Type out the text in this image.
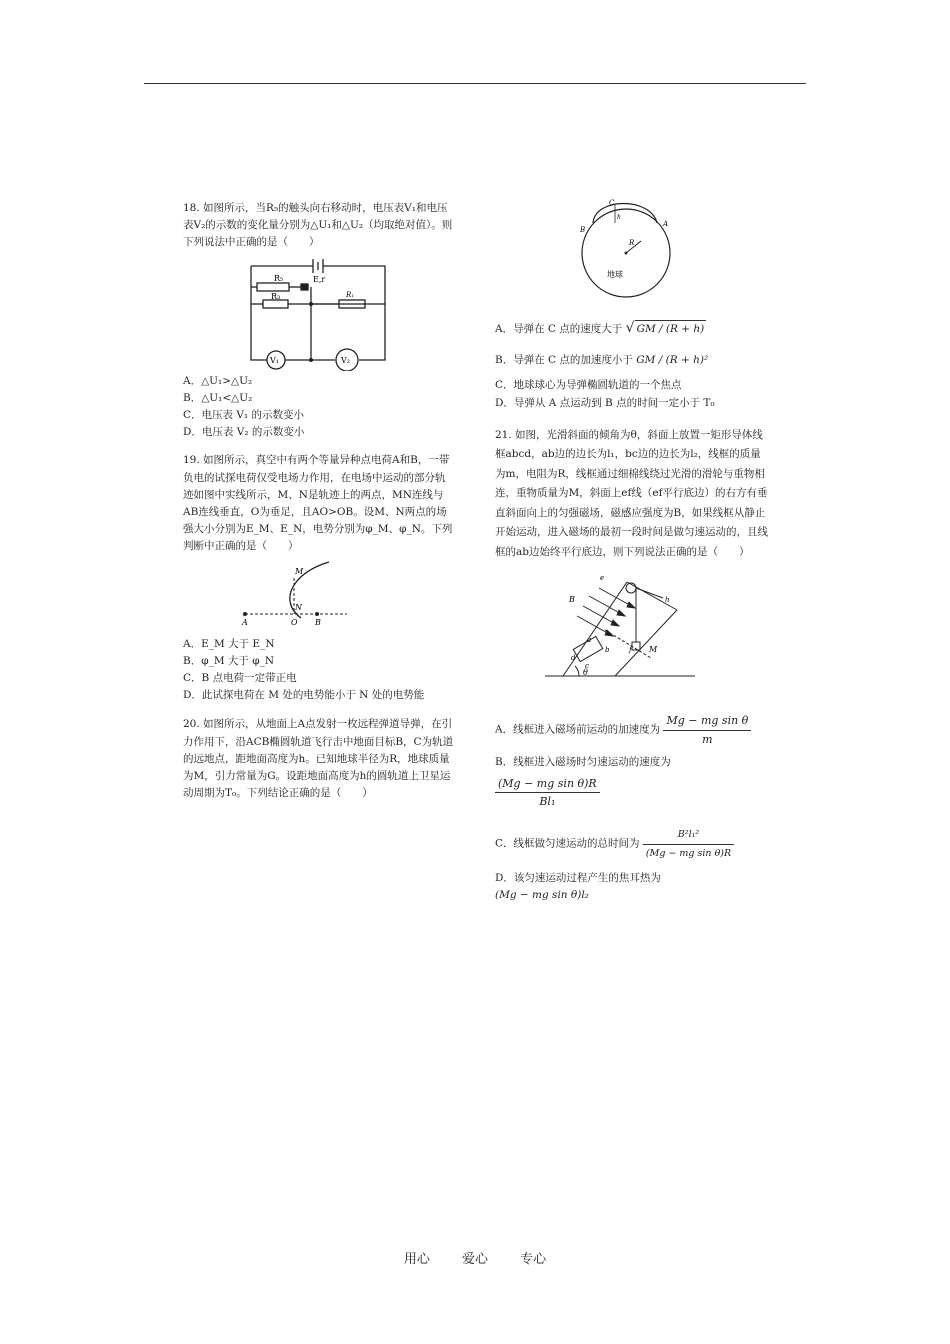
18. 如图所示，当R₅的触头向右移动时，电压表V₁和电压表V₂的示数的变化量分别为△U₁和△U₂（均取绝对值）。则下列说法中正确的是（　　）

R₅
R₃	R₁
E,r
V₁	V₂

A．△U₁>△U₂

B．△U₁<△U₂

C．电压表 V₁ 的示数变小

D．电压表 V₂ 的示数变小

19. 如图所示，真空中有两个等量异种点电荷A和B，一带负电的试探电荷仅受电场力作用，在电场中运动的部分轨迹如图中实线所示，M、N是轨迹上的两点，MN连线与AB连线垂直，O为垂足，且AO>OB。设M、N两点的场强大小分别为E_M、E_N，电势分别为φ_M、φ_N。下列判断中正确的是（　　）

M
N
A	O B

A．E_M 大于 E_N

B．φ_M 大于 φ_N

C．B 点电荷一定带正电

D．此试探电荷在 M 处的电势能小于 N 处的电势能

20. 如图所示，从地面上A点发射一枚远程弹道导弹，在引力作用下，沿ACB椭圆轨道飞行击中地面目标B，C为轨道的远地点，距地面高度为h。已知地球半径为R，地球质量为M，引力常量为G。设距地面高度为h的圆轨道上卫星运动周期为T₀。下列结论正确的是（　　）

C
h
B
A
R
地球

A．导弹在 C 点的速度大于 √ GM / (R + h)

B．导弹在 C 点的加速度小于 GM / (R + h)²

C．地球球心为导弹椭圆轨道的一个焦点

D．导弹从 A 点运动到 B 点的时间一定小于 T₀

21. 如图，光滑斜面的倾角为θ，斜面上放置一矩形导体线框abcd，ab边的边长为l₁，bc边的边长为l₂，线框的质量为m，电阻为R，线框通过细棉线绕过光滑的滑轮与重物相连，重物质量为M，斜面上ef线（ef平行底边）的右方有垂直斜面向上的匀强磁场，磁感应强度为B，如果线框从静止开始运动，进入磁场的最初一段时间是做匀速运动的，且线框的ab边始终平行底边，则下列说法正确的是（　　）

e
B
a
b
c
d
f
h
M
θ

A．线框进入磁场前运动的加速度为 $\frac{\text{Mg − mg sin θ}}{m}$

B．线框进入磁场时匀速运动的速度为

$\frac{\text{(Mg − mg sin θ)R}}{\text{Bl₁}}$

C．线框做匀速运动的总时间为 $\frac{\text{B²l₁²}}{\text{(Mg − mg sin θ)R}}$

D．该匀速运动过程产生的焦耳热为

(Mg − mg sin θ)l₂

用心 爱心 专心
